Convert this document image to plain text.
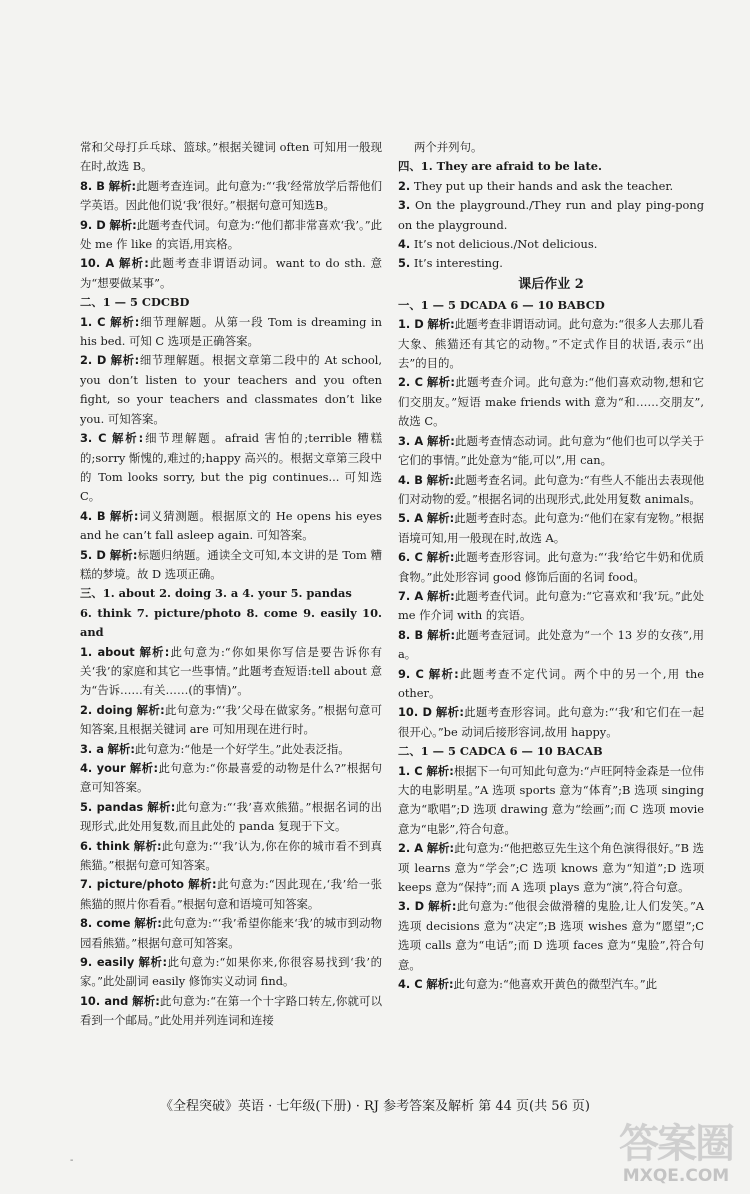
常和父母打乒乓球、篮球。”根据关键词 often 可知用一般现在时,故选 B。

8. B 解析:此题考查连词。此句意为:“‘我’经常放学后帮他们学英语。因此他们说‘我’很好。”根据句意可知选B。

9. D 解析:此题考查代词。句意为:“他们都非常喜欢‘我’。”此处 me 作 like 的宾语,用宾格。

10. A 解析:此题考查非谓语动词。want to do sth. 意为“想要做某事”。

二、1 — 5 CDCBD

1. C 解析:细节理解题。从第一段 Tom is dreaming in his bed. 可知 C 选项是正确答案。

2. D 解析:细节理解题。根据文章第二段中的 At school, you don’t listen to your teachers and you often fight, so your teachers and classmates don’t like you. 可知答案。

3. C 解析:细节理解题。afraid 害怕的;terrible 糟糕的;sorry 惭愧的,难过的;happy 高兴的。根据文章第三段中的 Tom looks sorry, but the pig continues... 可知选 C。

4. B 解析:词义猜测题。根据原文的 He opens his eyes and he can’t fall asleep again. 可知答案。

5. D 解析:标题归纳题。通读全文可知,本文讲的是 Tom 糟糕的梦境。故 D 选项正确。

三、1. about 2. doing 3. a 4. your 5. pandas

6. think 7. picture/photo 8. come 9. easily 10. and

1. about 解析:此句意为:“你如果你写信是要告诉你有关‘我’的家庭和其它一些事情。”此题考查短语:tell about 意为“告诉……有关……(的事情)”。

2. doing 解析:此句意为:“‘我’父母在做家务。”根据句意可知答案,且根据关键词 are 可知用现在进行时。

3. a 解析:此句意为:“他是一个好学生。”此处表泛指。

4. your 解析:此句意为:“你最喜爱的动物是什么?”根据句意可知答案。

5. pandas 解析:此句意为:“‘我’喜欢熊猫。”根据名词的出现形式,此处用复数,而且此处的 panda 复现于下文。

6. think 解析:此句意为:“‘我’认为,你在你的城市看不到真熊猫。”根据句意可知答案。

7. picture/photo 解析:此句意为:“因此现在,‘我’给一张熊猫的照片你看看。”根据句意和语境可知答案。

8. come 解析:此句意为:“‘我’希望你能来‘我’的城市到动物园看熊猫。”根据句意可知答案。

9. easily 解析:此句意为:“如果你来,你很容易找到‘我’的家。”此处副词 easily 修饰实义动词 find。

10. and 解析:此句意为:“在第一个十字路口转左,你就可以看到一个邮局。”此处用并列连词和连接

两个并列句。

四、1. They are afraid to be late.

2. They put up their hands and ask the teacher.

3. On the playground./They run and play ping-pong on the playground.

4. It’s not delicious./Not delicious.

5. It’s interesting.

课后作业 2

一、1 — 5 DCADA 6 — 10 BABCD

1. D 解析:此题考查非谓语动词。此句意为:“很多人去那儿看大象、熊猫还有其它的动物。”不定式作目的状语,表示“出去”的目的。

2. C 解析:此题考查介词。此句意为:“他们喜欢动物,想和它们交朋友。”短语 make friends with 意为“和……交朋友”,故选 C。

3. A 解析:此题考查情态动词。此句意为“他们也可以学关于它们的事情。”此处意为“能,可以”,用 can。

4. B 解析:此题考查名词。此句意为:“有些人不能出去表现他们对动物的爱。”根据名词的出现形式,此处用复数 animals。

5. A 解析:此题考查时态。此句意为:“他们在家有宠物。”根据语境可知,用一般现在时,故选 A。

6. C 解析:此题考查形容词。此句意为:“‘我’给它牛奶和优质食物。”此处形容词 good 修饰后面的名词 food。

7. A 解析:此题考查代词。此句意为:“它喜欢和‘我’玩。”此处 me 作介词 with 的宾语。

8. B 解析:此题考查冠词。此处意为“一个 13 岁的女孩”,用 a。

9. C 解析:此题考查不定代词。两个中的另一个,用 the other。

10. D 解析:此题考查形容词。此句意为:“‘我’和它们在一起很开心。”be 动词后接形容词,故用 happy。

二、1 — 5 CADCA 6 — 10 BACAB

1. C 解析:根据下一句可知此句意为:“卢旺阿特金森是一位伟大的电影明星。”A 选项 sports 意为“体育”;B 选项 singing 意为“歌唱”;D 选项 drawing 意为“绘画”;而 C 选项 movie 意为“电影”,符合句意。

2. A 解析:此句意为:“他把憨豆先生这个角色演得很好。”B 选项 learns 意为“学会”;C 选项 knows 意为“知道”;D 选项 keeps 意为“保持”;而 A 选项 plays 意为“演”,符合句意。

3. D 解析:此句意为:“他很会做滑稽的鬼脸,让人们发笑。”A 选项 decisions 意为“决定”;B 选项 wishes 意为“愿望”;C 选项 calls 意为“电话”;而 D 选项 faces 意为“鬼脸”,符合句意。

4. C 解析:此句意为:“他喜欢开黄色的微型汽车。”此

《全程突破》英语 · 七年级(下册) · RJ 参考答案及解析 第 44 页(共 56 页)
-	答案圈
MXQE.COM
